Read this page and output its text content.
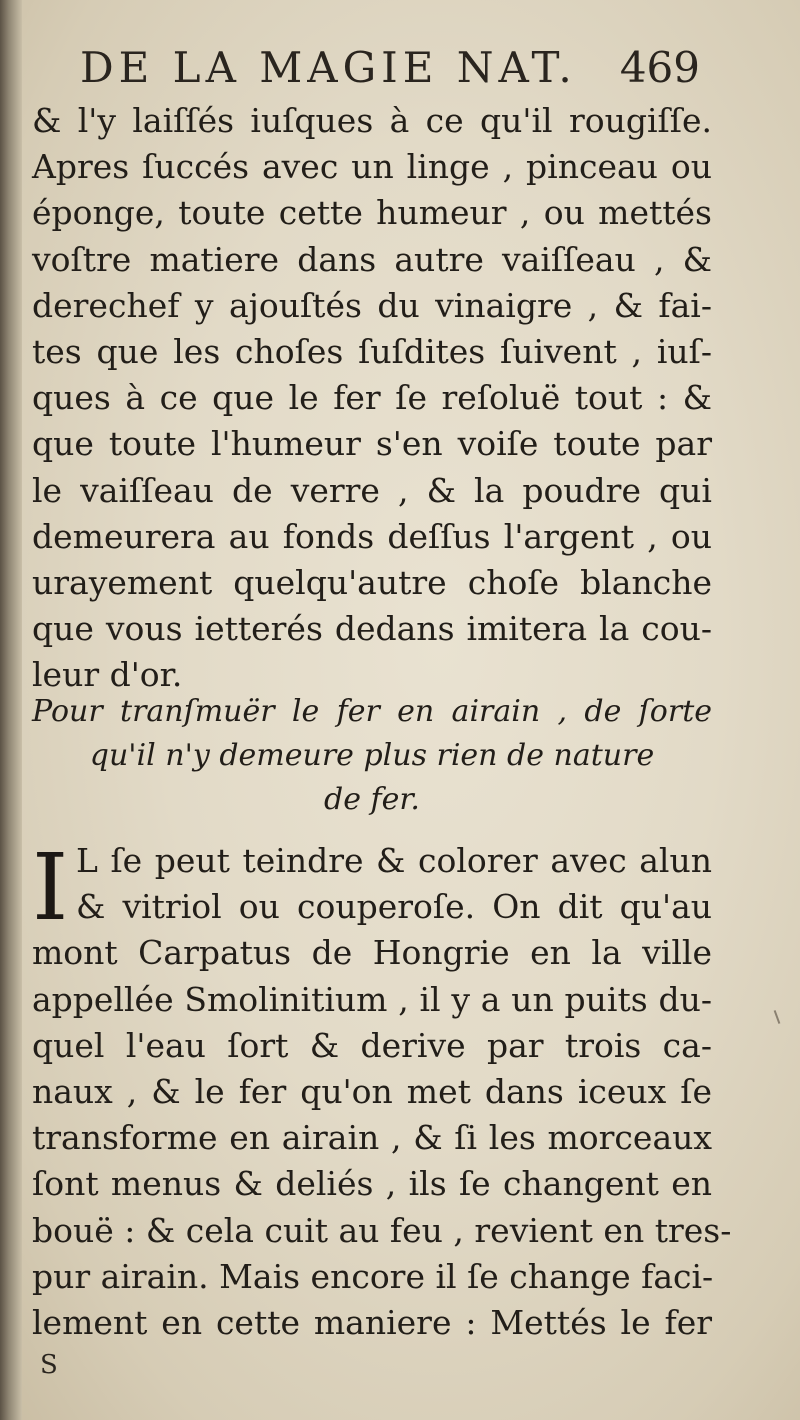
DE LA MAGIE NAT. 469
& l'y laiſſés iuſques à ce qu'il rougiſſe.
Apres ſuccés avec un linge , pinceau ou
éponge, toute cette humeur , ou mettés
voſtre matiere dans autre vaiſſeau , &
derechef y ajouſtés du vinaigre , & fai-
tes que les choſes ſuſdites ſuivent , iuſ-
ques à ce que le fer ſe reſoluë tout : &
que toute l'humeur s'en voiſe toute par
le vaiſſeau de verre , & la poudre qui
demeurera au fonds deſſus l'argent , ou
urayement quelqu'autre choſe blanche
que vous ietterés dedans imitera la cou-
leur d'or.
Pour tranſmuër le fer en airain , de ſorte
qu'il n'y demeure plus rien de nature
de fer.
I L ſe peut teindre & colorer avec alun
& vitriol ou couperoſe. On dit qu'au
mont Carpatus de Hongrie en la ville
appellée Smolinitium , il y a un puits du-
quel l'eau ſort & derive par trois ca-
naux , & le fer qu'on met dans iceux ſe
transforme en airain , & ſi les morceaux
ſont menus & deliés , ils ſe changent en
bouë : & cela cuit au feu , revient en tres-
pur airain. Mais encore il ſe change faci-
lement en cette maniere : Mettés le fer
S
